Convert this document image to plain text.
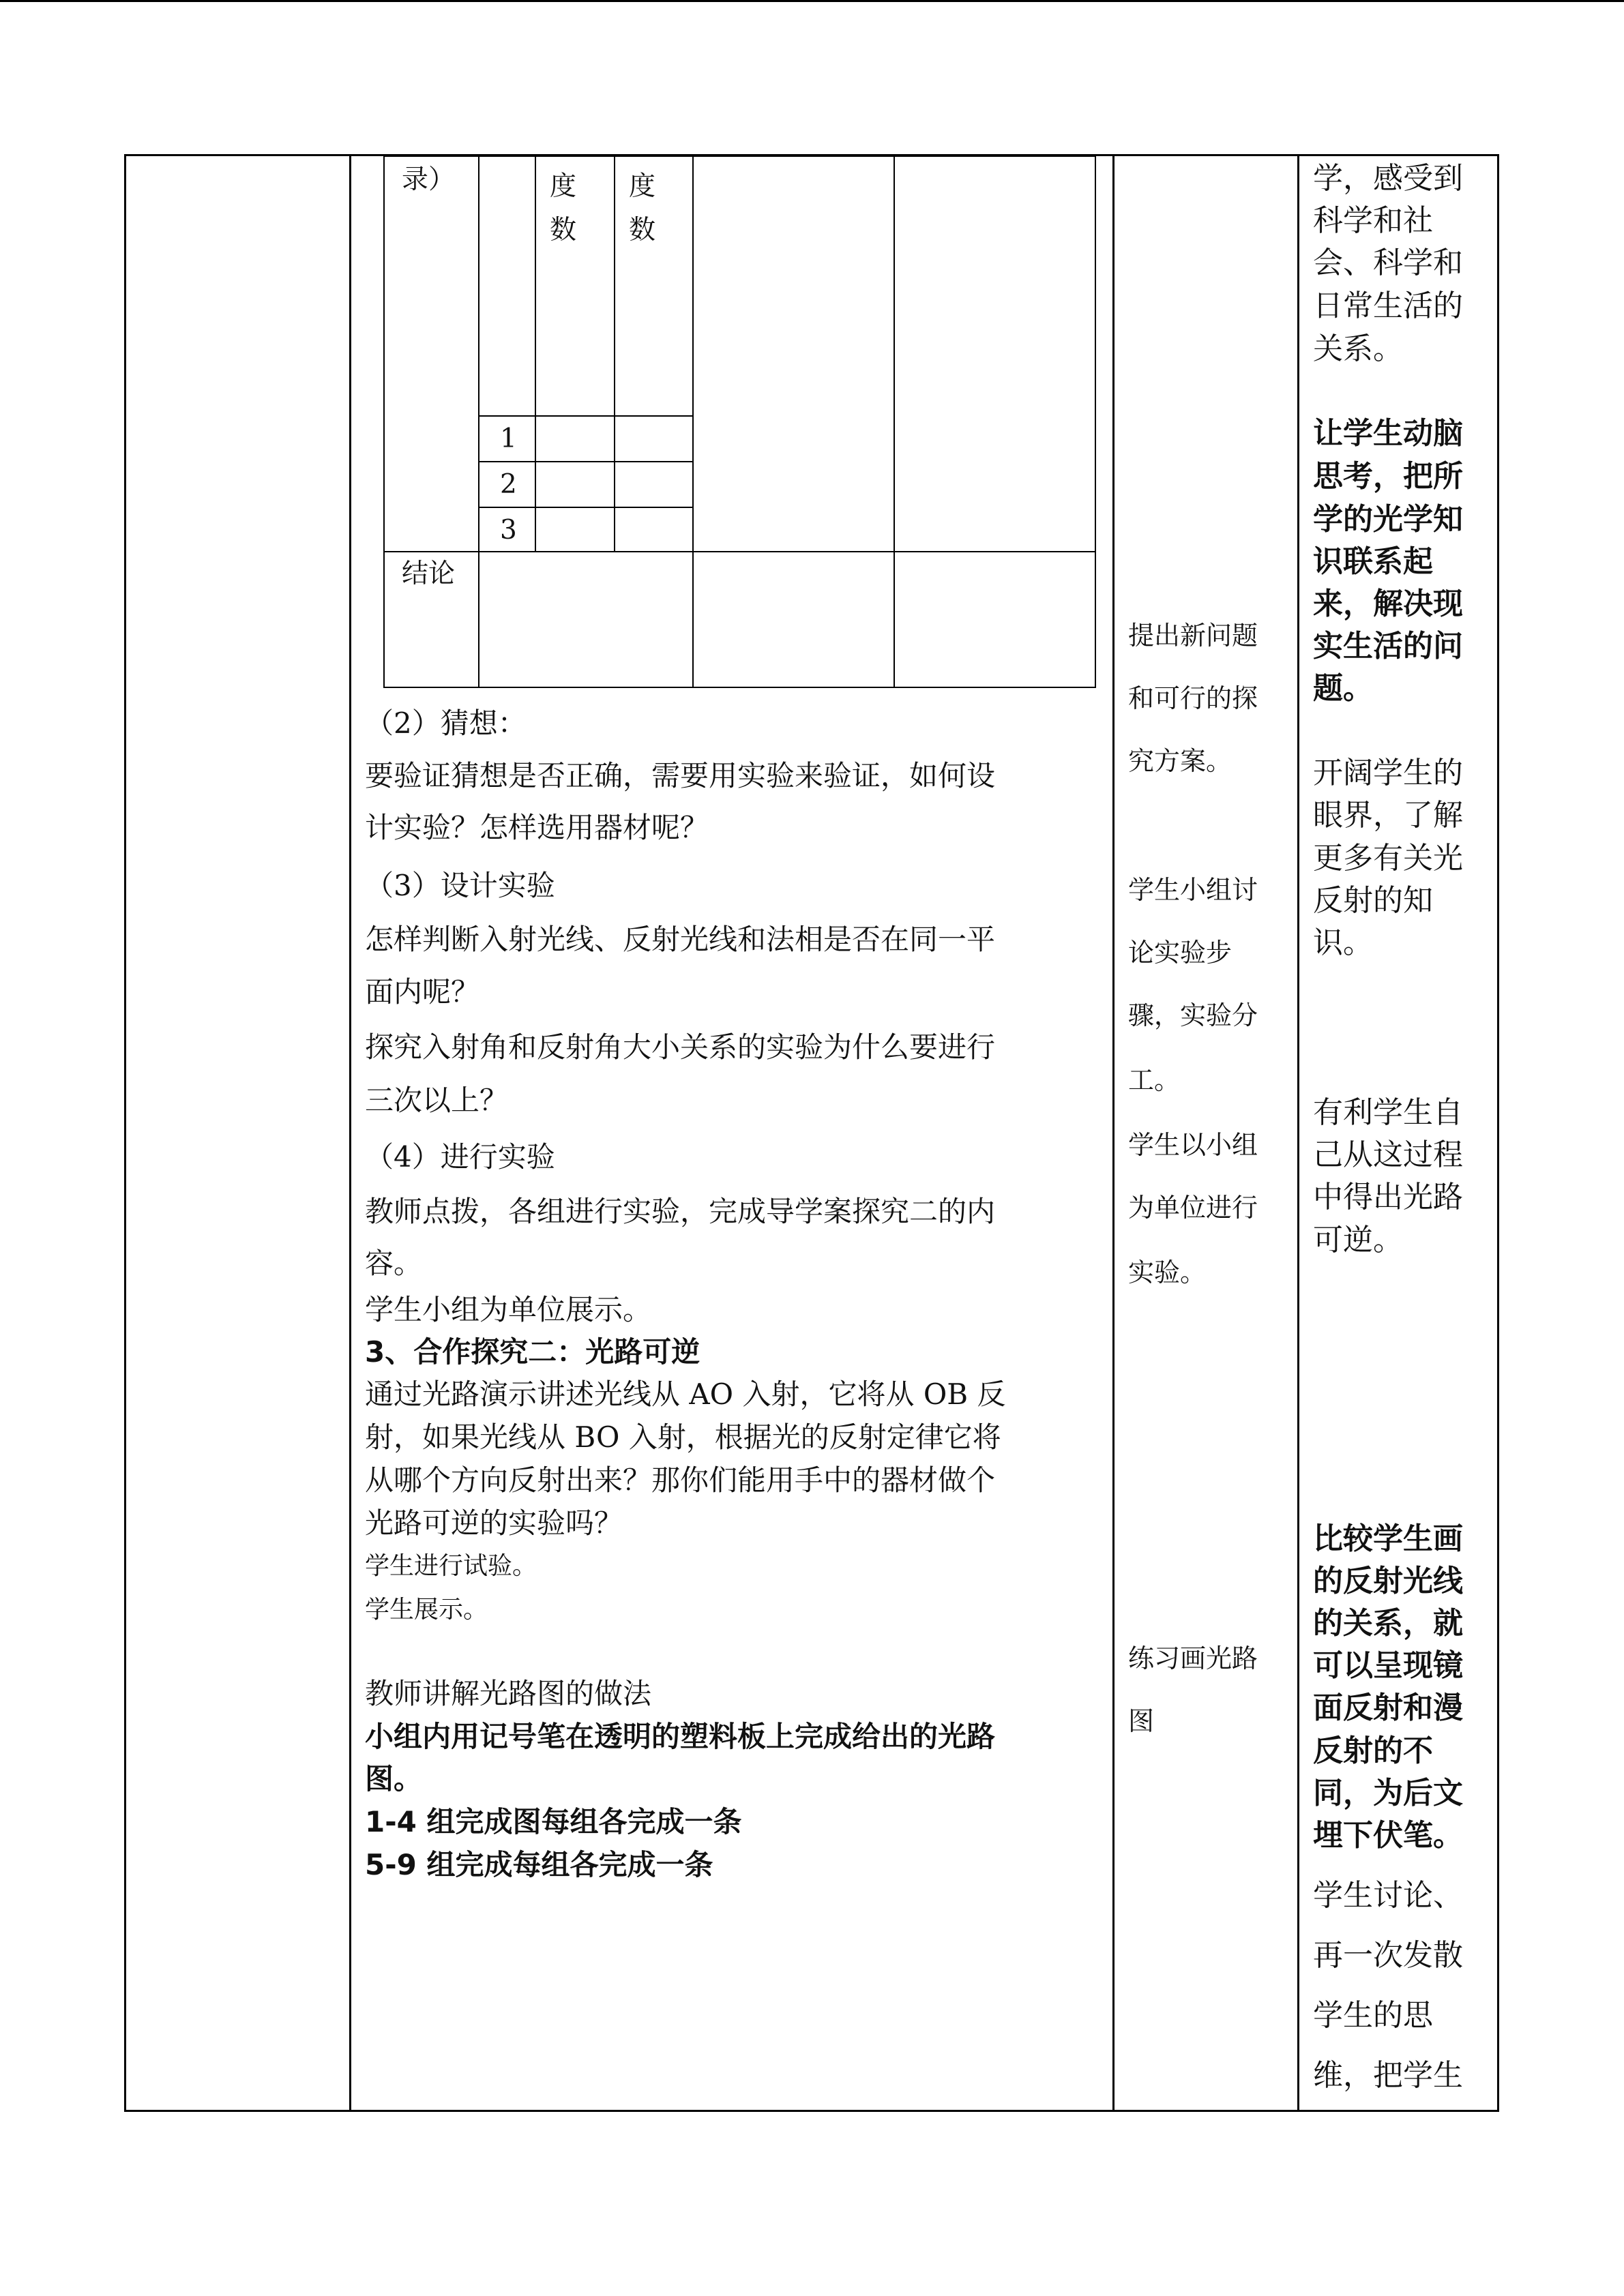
录）	度
数
度
数
1
2
3
结论
（2）猜想：
要验证猜想是否正确，需要用实验来验证，如何设
计实验？怎样选用器材呢？
（3）设计实验
怎样判断入射光线、反射光线和法相是否在同一平
面内呢？
探究入射角和反射角大小关系的实验为什么要进行
三次以上？
（4）进行实验
教师点拨，各组进行实验，完成导学案探究二的内
容。
学生小组为单位展示。
3、合作探究二：光路可逆
通过光路演示讲述光线从 AO 入射，它将从 OB 反
射，如果光线从 BO 入射，根据光的反射定律它将
从哪个方向反射出来？那你们能用手中的器材做个
光路可逆的实验吗？
学生进行试验。
学生展示。
教师讲解光路图的做法
小组内用记号笔在透明的塑料板上完成给出的光路
图。
1-4 组完成图每组各完成一条
5-9 组完成每组各完成一条
提出新问题
和可行的探
究方案。
学生小组讨
论实验步
骤，实验分
工。
学生以小组
为单位进行
实验。
练习画光路
图
学，感受到
科学和社
会、科学和
日常生活的
关系。
让学生动脑
思考，把所
学的光学知
识联系起
来，解决现
实生活的问
题。
开阔学生的
眼界，了解
更多有关光
反射的知
识。
有利学生自
己从这过程
中得出光路
可逆。
比较学生画
的反射光线
的关系，就
可以呈现镜
面反射和漫
反射的不
同，为后文
埋下伏笔。
学生讨论、
再一次发散
学生的思
维，把学生
